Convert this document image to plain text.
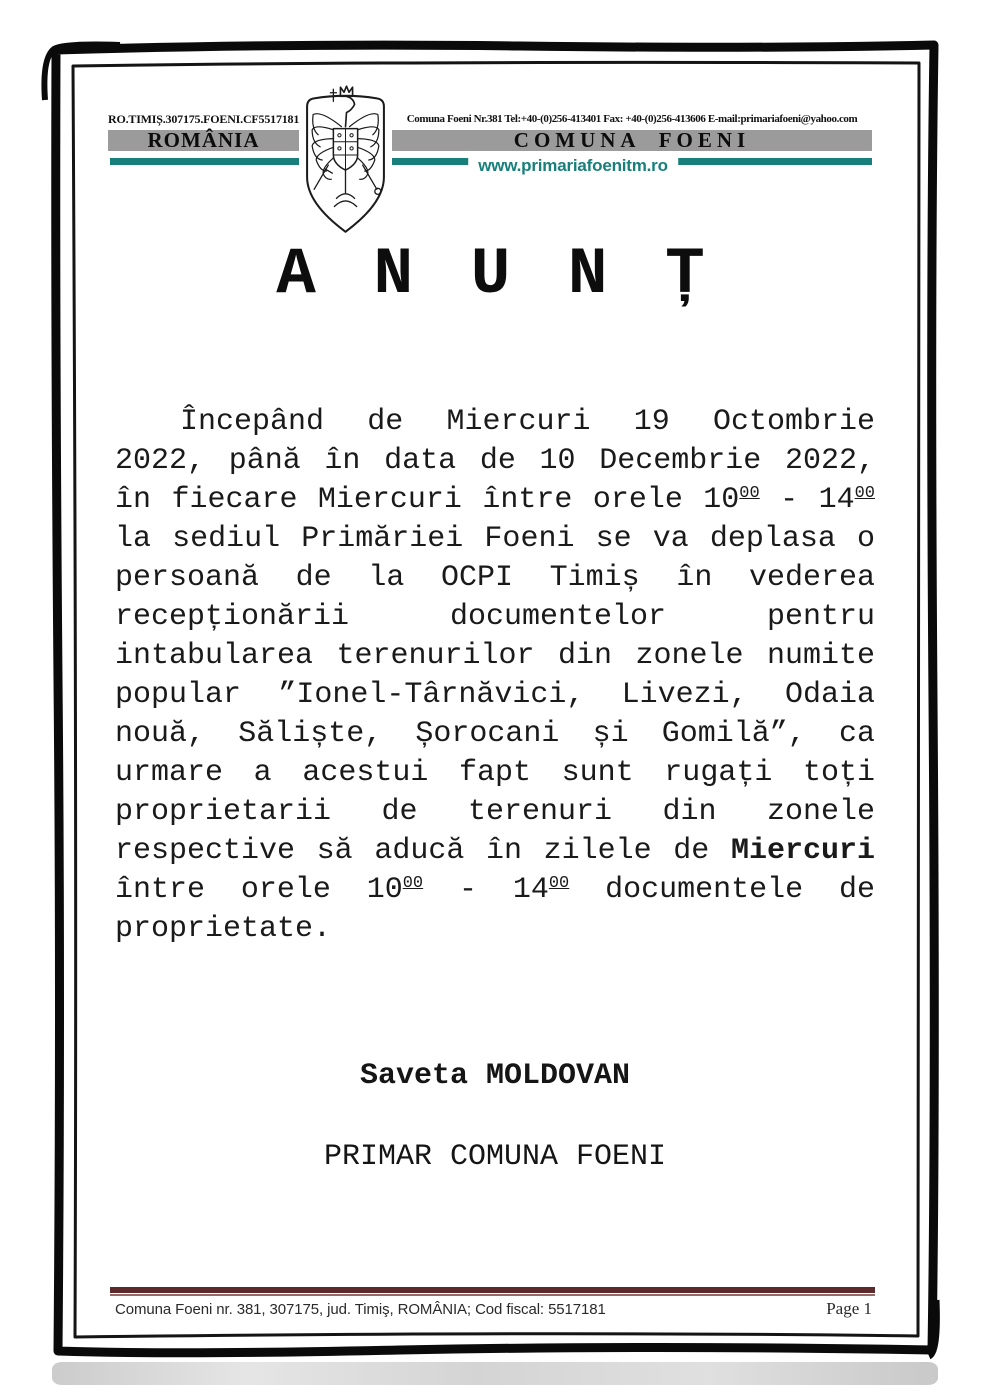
RO.TIMIȘ.307175.FOENI.CF5517181	Comuna Foeni Nr.381 Tel:+40-(0)256-413401 Fax: +40-(0)256-413606 E-mail:primariafoeni@yahoo.com
ROMÂNIA	COMUNA FOENI
www.primariafoenitm.ro
A N U N Ț
Începând de Miercuri 19 Octombrie 2022, până în data de 10 Decembrie 2022, în fiecare Miercuri între orele $10^{00} - 14^{00}$ la sediul Primăriei Foeni se va deplasa o persoană de la OCPI Timiș în vederea recepționării documentelor pentru intabularea terenurilor din zonele numite popular ”Ionel-Târnăvici, Livezi, Odaia nouă, Săliște, Șorocani și Gomilă”, ca urmare a acestui fapt sunt rugați toți proprietarii de terenuri din zonele respective să aducă în zilele de Miercuri între orele $10^{00} - 14^{00}$ documentele de proprietate.
Saveta MOLDOVAN
PRIMAR COMUNA FOENI
Comuna Foeni nr. 381, 307175, jud. Timiş, ROMÂNIA; Cod fiscal: 5517181	Page 1
